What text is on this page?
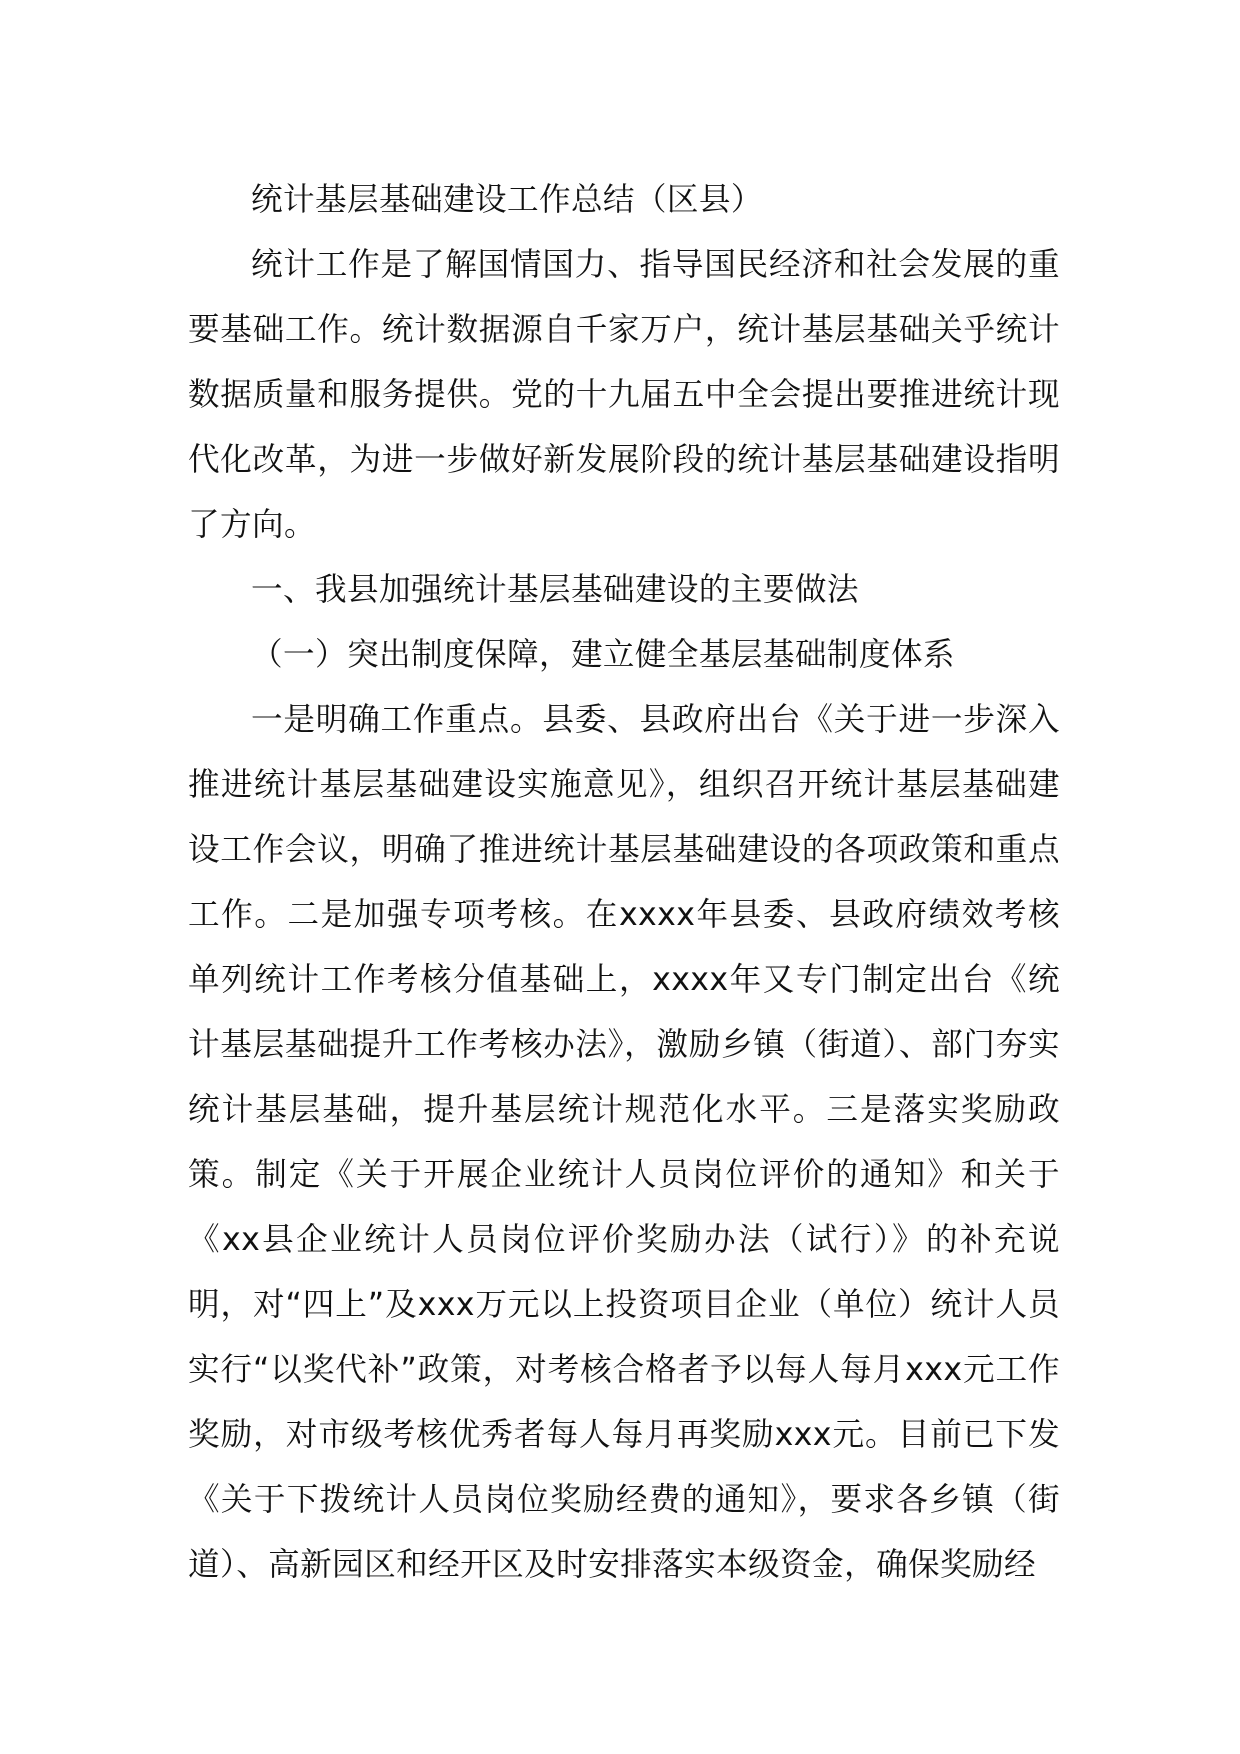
统计基层基础建设工作总结（区县）

统计工作是了解国情国力、指导国民经济和社会发展的重要基础工作。统计数据源自千家万户，统计基层基础关乎统计数据质量和服务提供。党的十九届五中全会提出要推进统计现代化改革，为进一步做好新发展阶段的统计基层基础建设指明了方向。

一、我县加强统计基层基础建设的主要做法

（一）突出制度保障，建立健全基层基础制度体系

一是明确工作重点。县委、县政府出台《关于进一步深入推进统计基层基础建设实施意见》，组织召开统计基层基础建设工作会议，明确了推进统计基层基础建设的各项政策和重点工作。二是加强专项考核。在xxxx年县委、县政府绩效考核单列统计工作考核分值基础上，xxxx年又专门制定出台《统计基层基础提升工作考核办法》，激励乡镇（街道）、部门夯实统计基层基础，提升基层统计规范化水平。三是落实奖励政策。制定《关于开展企业统计人员岗位评价的通知》和关于《xx县企业统计人员岗位评价奖励办法（试行）》的补充说明，对“四上”及xxx万元以上投资项目企业（单位）统计人员实行“以奖代补”政策，对考核合格者予以每人每月xxx元工作奖励，对市级考核优秀者每人每月再奖励xxx元。目前已下发《关于下拨统计人员岗位奖励经费的通知》，要求各乡镇（街道）、高新园区和经开区及时安排落实本级资金，确保奖励经
